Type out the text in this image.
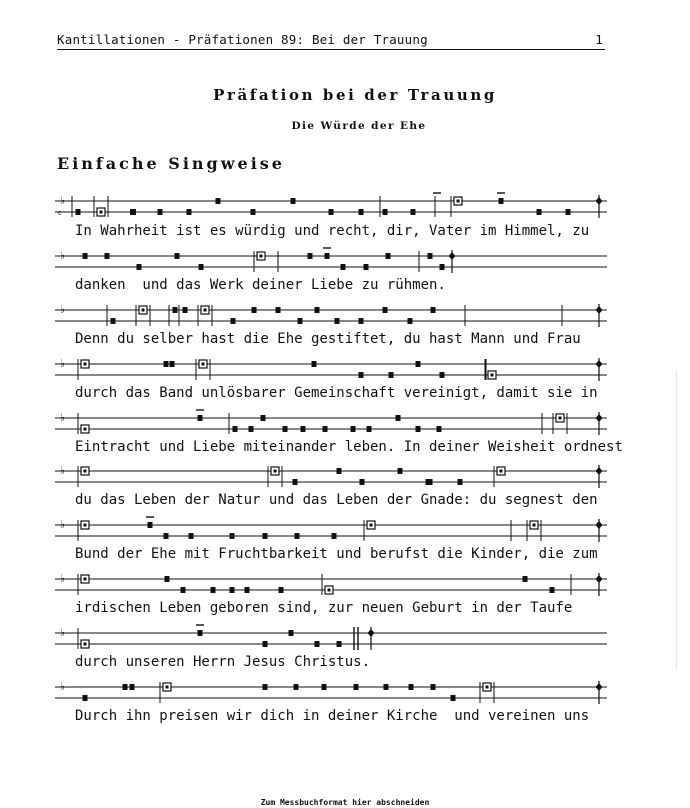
Kantillationen - Präfationen 89: Bei der Trauung	1
Präfation bei der Trauung
Die Würde der Ehe
Einfache Singweise
♭
c
In Wahrheit ist es würdig und recht, dir, Vater im Himmel, zu
♭
danken  und das Werk deiner Liebe zu rühmen.
♭
Denn du selber hast die Ehe gestiftet, du hast Mann und Frau
♭
durch das Band unlösbarer Gemeinschaft vereinigt, damit sie in
♭
Eintracht und Liebe miteinander leben. In deiner Weisheit ordnest
♭
du das Leben der Natur und das Leben der Gnade: du segnest den
♭
Bund der Ehe mit Fruchtbarkeit und berufst die Kinder, die zum
♭
irdischen Leben geboren sind, zur neuen Geburt in der Taufe
♭
durch unseren Herrn Jesus Christus.
♭
Durch ihn preisen wir dich in deiner Kirche  und vereinen uns
Zum Messbuchformat hier abschneiden
